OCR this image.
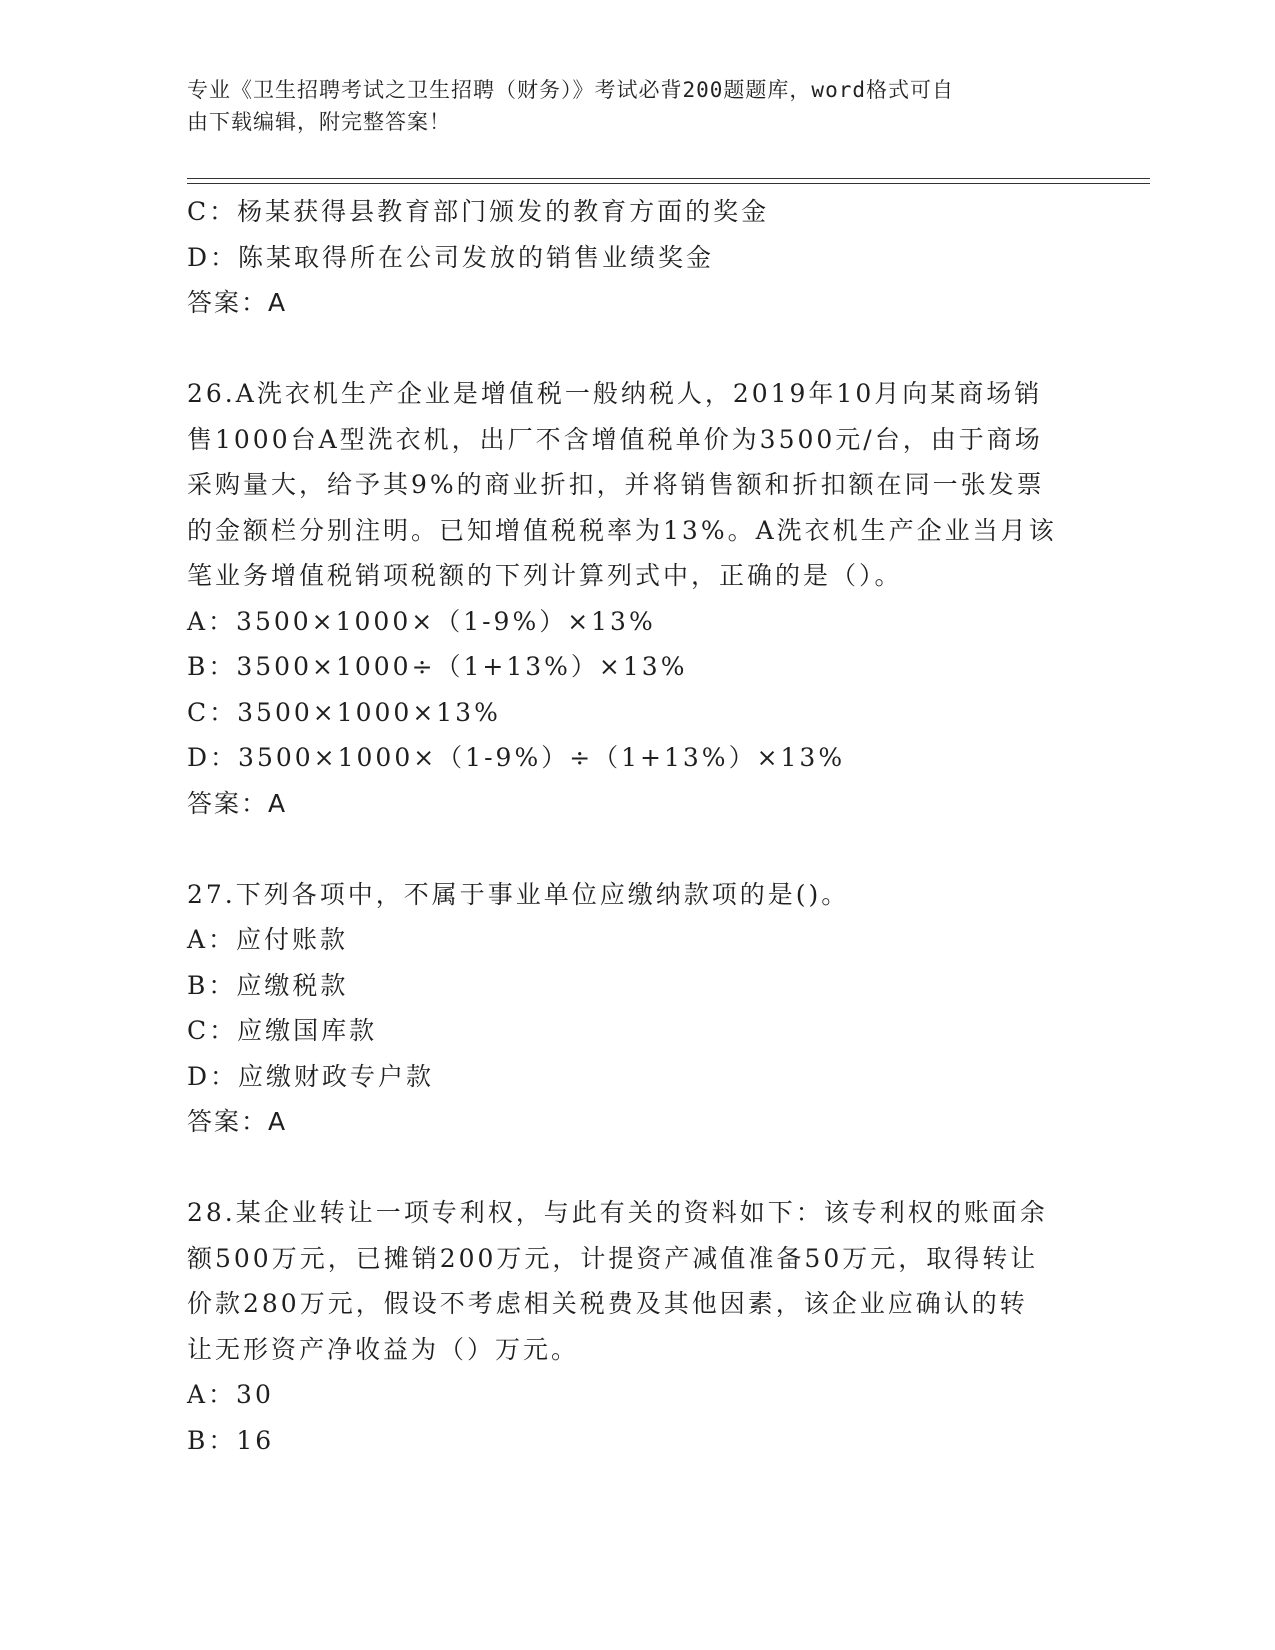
专业《卫生招聘考试之卫生招聘（财务）》考试必背200题题库，word格式可自
由下载编辑，附完整答案！
C：杨某获得县教育部门颁发的教育方面的奖金
D：陈某取得所在公司发放的销售业绩奖金
答案：A
26.A洗衣机生产企业是增值税一般纳税人，2019年10月向某商场销
售1000台A型洗衣机，出厂不含增值税单价为3500元/台，由于商场
采购量大，给予其9%的商业折扣，并将销售额和折扣额在同一张发票
的金额栏分别注明。已知增值税税率为13%。A洗衣机生产企业当月该
笔业务增值税销项税额的下列计算列式中，正确的是（）。
A：3500×1000×（1-9%）×13%
B：3500×1000÷（1+13%）×13%
C：3500×1000×13%
D：3500×1000×（1-9%）÷（1+13%）×13%
答案：A
27.下列各项中，不属于事业单位应缴纳款项的是()。
A：应付账款
B：应缴税款
C：应缴国库款
D：应缴财政专户款
答案：A
28.某企业转让一项专利权，与此有关的资料如下：该专利权的账面余
额500万元，已摊销200万元，计提资产减值准备50万元，取得转让
价款280万元，假设不考虑相关税费及其他因素，该企业应确认的转
让无形资产净收益为（）万元。
A：30
B：16
